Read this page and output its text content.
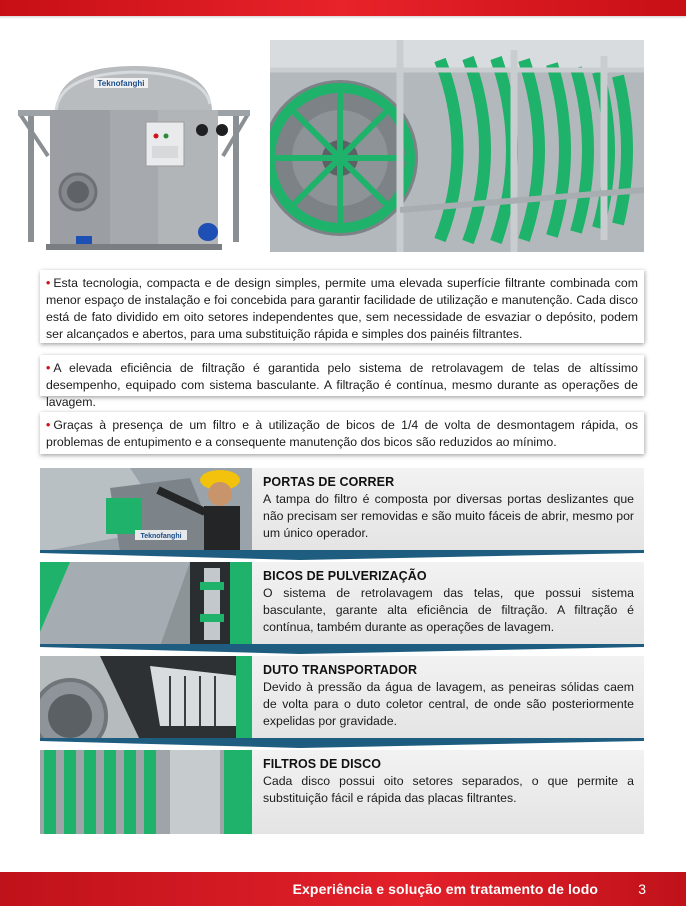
Teknofanghi
• Esta tecnologia, compacta e de design simples, permite uma elevada superfície filtrante combinada com menor espaço de instalação e foi concebida para garantir facilidade de utilização e manutenção. Cada disco está de fato dividido em oito setores independentes que, sem necessidade de esvaziar o depósito, podem ser alcançados e abertos, para uma substituição rápida e simples dos painéis filtrantes.
• A elevada eficiência de filtração é garantida pelo sistema de retrolavagem de telas de altíssimo desempenho, equipado com sistema basculante. A filtração é contínua, mesmo durante as operações de lavagem.
• Graças à presença de um filtro e à utilização de bicos de 1/4 de volta de desmontagem rápida, os problemas de entupimento e a consequente manutenção dos bicos são reduzidos ao mínimo.
Teknofanghi
PORTAS DE CORRER

A tampa do filtro é composta por diversas portas deslizantes que não precisam ser removidas e são muito fáceis de abrir, mesmo por um único operador.

BICOS DE PULVERIZAÇÃO

O sistema de retrolavagem das telas, que possui sistema basculante, garante alta eficiência de filtração. A filtração é contínua, também durante as operações de lavagem.

DUTO TRANSPORTADOR

Devido à pressão da água de lavagem, as peneiras sólidas caem de volta para o duto coletor central, de onde são posteriormente expelidas por gravidade.

FILTROS DE DISCO

Cada disco possui oito setores separados, o que permite a substituição fácil e rápida das placas filtrantes.

Experiência e solução em tratamento de lodo	3
